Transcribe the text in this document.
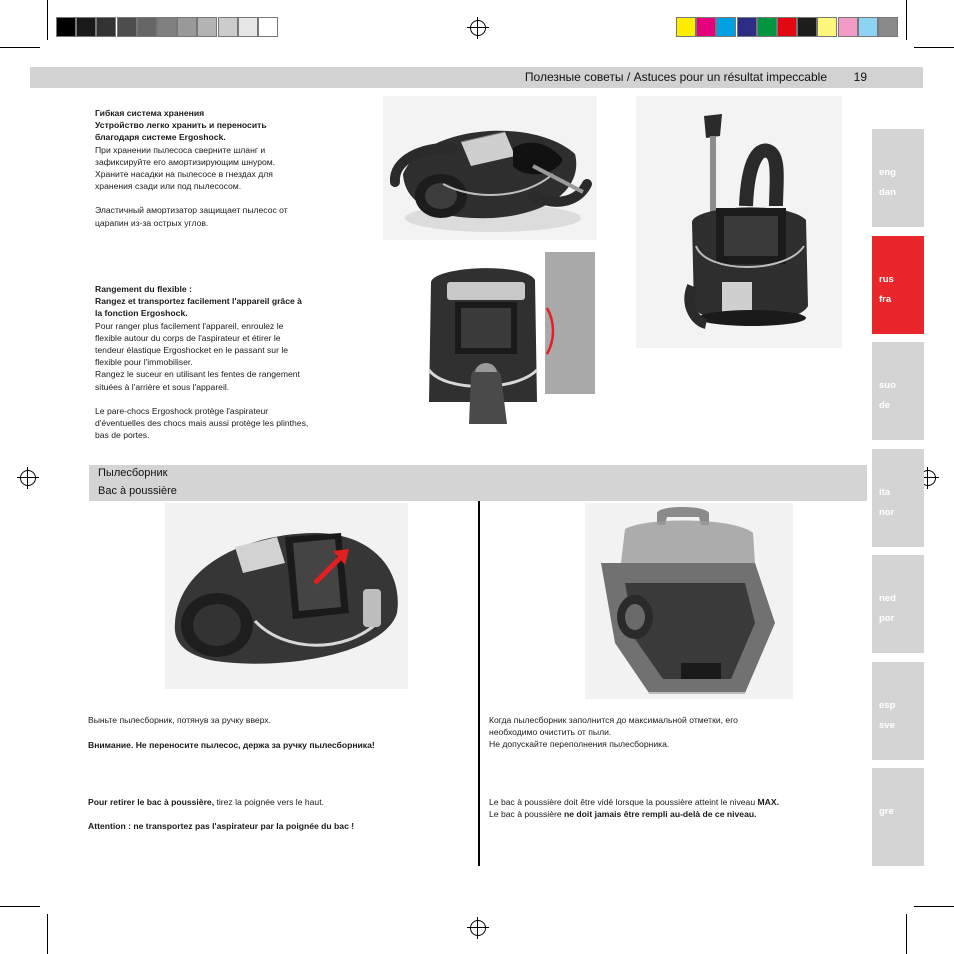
Полезные советы / Astuces pour un résultat impeccable 19
eng
dan
rus
fra
suo
de
ita
nor
ned
por
esp
sve
gre

Гибкая система хранения

Устройство легко хранить и переносить

благодаря системе Ergoshock.

При хранении пылесоса сверните шланг и

зафиксируйте его амортизирующим шнуром.

Храните насадки на пылесосе в гнездах для

хранения сзади или под пылесосом.

Эластичный амортизатор защищает пылесос от

царапин из-за острых углов.

Rangement du flexible :

Rangez et transportez facilement l'appareil grâce à

la fonction Ergoshock.

Pour ranger plus facilement l'appareil, enroulez le

flexible autour du corps de l'aspirateur et étirer le

tendeur élastique Ergoshocket en le passant sur le

flexible pour l'immobiliser.

Rangez le suceur en utilisant les fentes de rangement

situées à l'arrière et sous l'appareil.

Le pare-chocs Ergoshock protège l'aspirateur

d'éventuelles des chocs mais aussi protège les plinthes,

bas de portes.

Пылесборник
Bac à poussière
Выньте пылесборник, потянув за ручку вверх.
Внимание. Не переносите пылесос, держа за ручку пылесборника!
Pour retirer le bac à poussière, tirez la poignée vers le haut.
Attention : ne transportez pas l'aspirateur par la poignée du bac !

Когда пылесборник заполнится до максимальной отметки, его

необходимо очистить от пыли.

Не допускайте переполнения пылесборника.

Le bac à poussière doit être vidé lorsque la poussière atteint le niveau MAX.

Le bac à poussière ne doit jamais être rempli au-delà de ce niveau.
